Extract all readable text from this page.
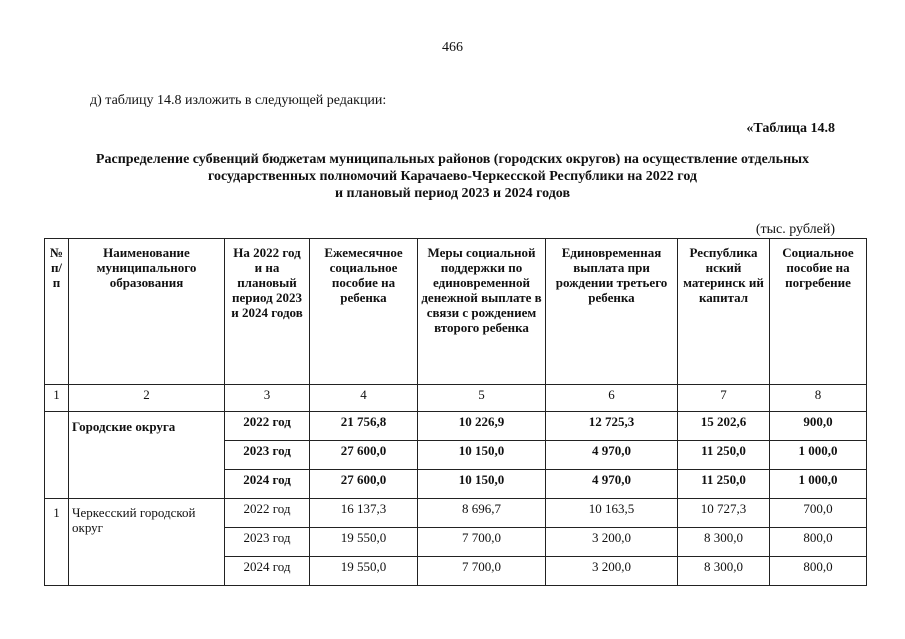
466
д) таблицу 14.8 изложить в следующей редакции:
«Таблица 14.8
Распределение субвенций бюджетам муниципальных районов (городских округов) на осуществление отдельных
государственных полномочий Карачаево-Черкесской Республики на 2022 год
и плановый период 2023 и 2024 годов
(тыс. рублей)
№ п/ п	Наименование муниципального образования	На 2022 год и на плановый период 2023 и 2024 годов	Ежемесячное социальное пособие на ребенка	Меры социальной поддержки по единовременной денежной выплате в связи с рождением второго ребенка	Единовременная выплата при рождении третьего ребенка	Республика нский материнск ий капитал	Социальное пособие на погребение
1	2	3	4	5	6	7	8
	Городские округа	2022 год	21 756,8	10 226,9	12 725,3	15 202,6	900,0
		2023 год	27 600,0	10 150,0	4 970,0	11 250,0	1 000,0
		2024 год	27 600,0	10 150,0	4 970,0	11 250,0	1 000,0
1	Черкесский городской округ	2022 год	16 137,3	8 696,7	10 163,5	10 727,3	700,0
		2023 год	19 550,0	7 700,0	3 200,0	8 300,0	800,0
		2024 год	19 550,0	7 700,0	3 200,0	8 300,0	800,0
